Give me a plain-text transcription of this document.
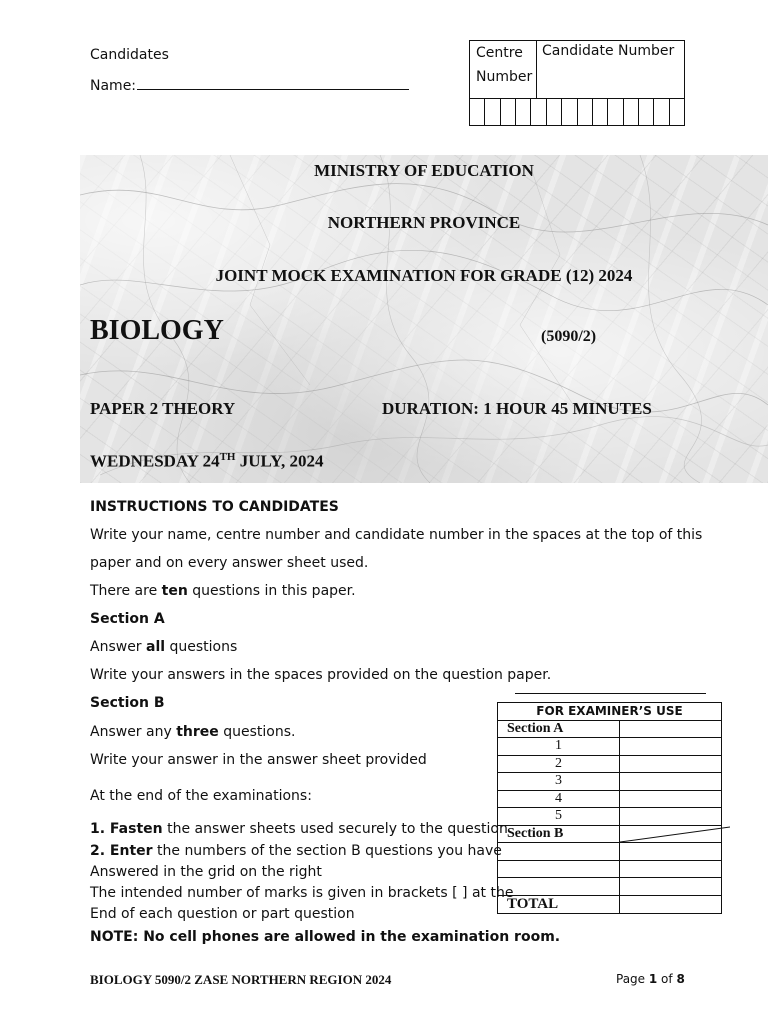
Candidates
Name:
Centre
Number
Candidate Number
MINISTRY OF EDUCATION
NORTHERN PROVINCE
JOINT MOCK EXAMINATION FOR GRADE (12) 2024
BIOLOGY	(5090/2)
PAPER 2 THEORY	DURATION: 1 HOUR 45 MINUTES
WEDNESDAY 24TH JULY, 2024
INSTRUCTIONS TO CANDIDATES
Write your name, centre number and candidate number in the spaces at the top of this
paper and on every answer sheet used.
There are ten questions in this paper.
Section A
Answer all questions
Write your answers in the spaces provided on the question paper.
Section B
Answer any three questions.
Write your answer in the answer sheet provided
At the end of the examinations:
1. Fasten the answer sheets used securely to the question
2. Enter the numbers of the section B questions you have
Answered in the grid on the right
The intended number of marks is given in brackets [ ] at the
End of each question or part question
NOTE: No cell phones are allowed in the examination room.
FOR EXAMINER’S USE	
Section A	
1	
2	
3	
4	
5	
Section B	

TOTAL	
BIOLOGY 5090/2 ZASE NORTHERN REGION 2024	Page 1 of 8
